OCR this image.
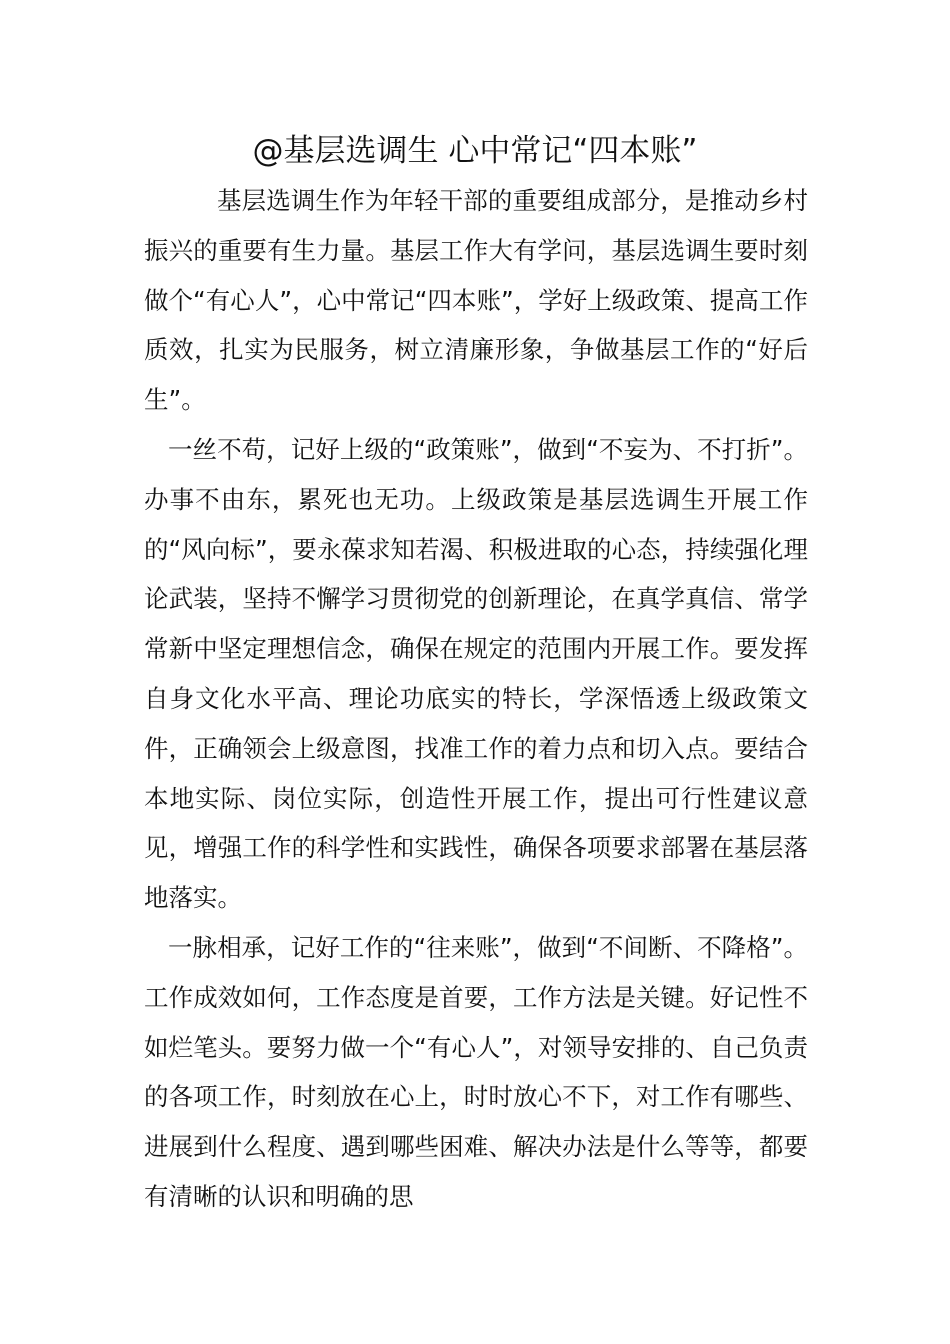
@基层选调生 心中常记“四本账”

基层选调生作为年轻干部的重要组成部分，是推动乡村振兴的重要有生力量。基层工作大有学问，基层选调生要时刻做个“有心人”，心中常记“四本账”，学好上级政策、提高工作质效，扎实为民服务，树立清廉形象，争做基层工作的“好后生”。

一丝不苟，记好上级的“政策账”，做到“不妄为、不打折”。办事不由东，累死也无功。上级政策是基层选调生开展工作的“风向标”，要永葆求知若渴、积极进取的心态，持续强化理论武装，坚持不懈学习贯彻党的创新理论，在真学真信、常学常新中坚定理想信念，确保在规定的范围内开展工作。要发挥自身文化水平高、理论功底实的特长，学深悟透上级政策文件，正确领会上级意图，找准工作的着力点和切入点。要结合本地实际、岗位实际，创造性开展工作，提出可行性建议意见，增强工作的科学性和实践性，确保各项要求部署在基层落地落实。

一脉相承，记好工作的“往来账”，做到“不间断、不降格”。工作成效如何，工作态度是首要，工作方法是关键。好记性不如烂笔头。要努力做一个“有心人”，对领导安排的、自己负责的各项工作，时刻放在心上，时时放心不下，对工作有哪些、进展到什么程度、遇到哪些困难、解决办法是什么等等，都要有清晰的认识和明确的思
